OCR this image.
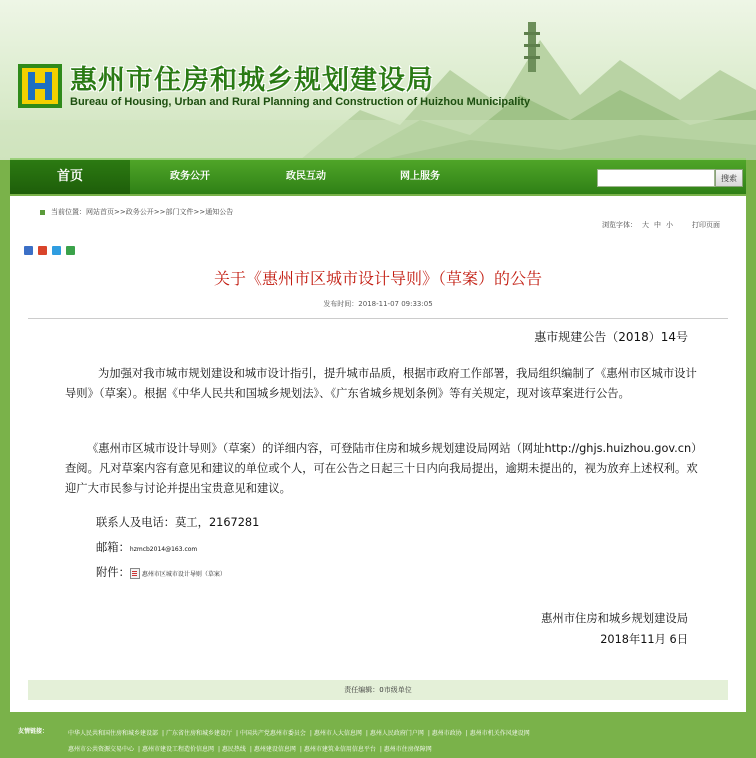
惠州市住房和城乡规划建设局
Bureau of Housing, Urban and Rural Planning and Construction of Huizhou Municipality
首页	政务公开	政民互动	网上服务	搜索
当前位置：网站首页>>政务公开>>部门文件>>通知公告
浏览字体： 大 中 小	打印页面
关于《惠州市区城市设计导则》（草案）的公告
发布时间：2018-11-07 09:33:05
惠市规建公告（2018）14号
为加强对我市城市规划建设和城市设计指引，提升城市品质，根据市政府工作部署，我局组织编制了《惠州市区城市设计导则》（草案）。根据《中华人民共和国城乡规划法》、《广东省城乡规划条例》等有关规定，现对该草案进行公告。
《惠州市区城市设计导则》（草案）的详细内容，可登陆市住房和城乡规划建设局网站（网址http://ghjs.huizhou.gov.cn）查阅。凡对草案内容有意见和建议的单位或个人，可在公告之日起三十日内向我局提出，逾期未提出的，视为放弃上述权利。欢迎广大市民参与讨论并提出宝贵意见和建议。
联系人及电话：莫工，2167281
邮箱：hzmcb2014@163.com
附件： 惠州市区城市设计导则（草案）
惠州市住房和城乡规划建设局
2018年11月 6日
责任编辑：0市级单位
友情链接：	中华人民共和国住房和城乡建设部 | 广东省住房和城乡建设厅 | 中国共产党惠州市委员会 | 惠州市人大信息网 | 惠州人民政府门户网 | 惠州市政协 | 惠州市机关作风建设网
惠州市公共资源交易中心 | 惠州市建设工程造价信息网 | 惠民热线 | 惠州建设信息网 | 惠州市建筑业信用信息平台 | 惠州市住房保障网
